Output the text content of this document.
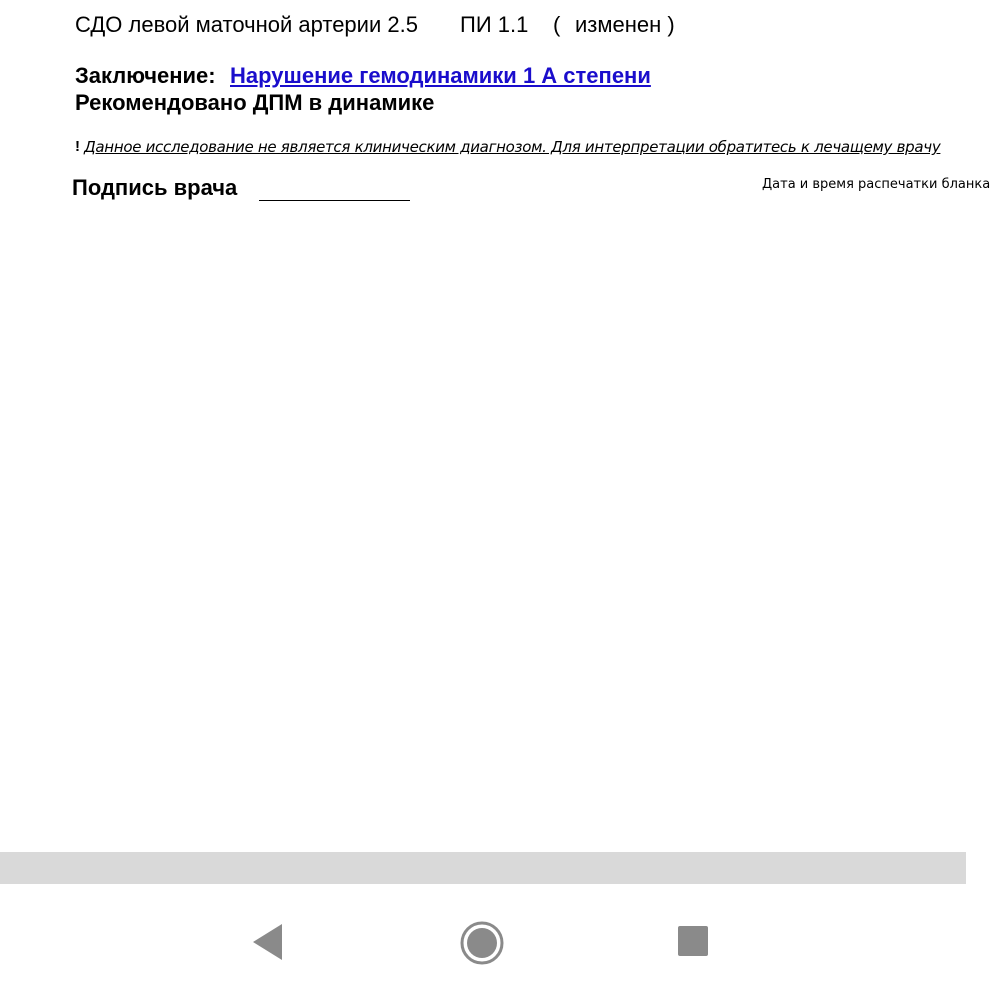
СДО левой маточной артерии 2.5 ПИ 1.1 ( изменен )
Заключение: Нарушение гемодинамики 1 А степени
Рекомендовано ДПМ в динамике
! Данное исследование не является клиническим диагнозом. Для интерпретации обратитесь к лечащему врачу
Подпись врача	Дата и время распечатки бланка
